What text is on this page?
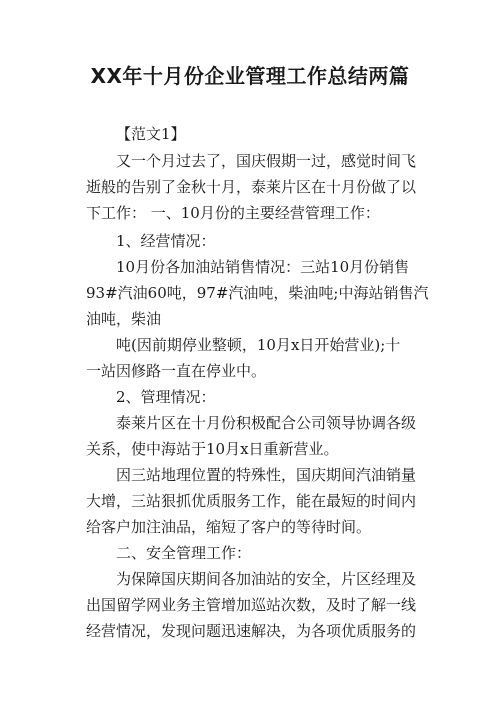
XX年十月份企业管理工作总结两篇
【范文1】
又一个月过去了，国庆假期一过，感觉时间飞
逝般的告别了金秋十月，泰莱片区在十月份做了以
下工作： 一、10月份的主要经营管理工作：
1、经营情况：
10月份各加油站销售情况：三站10月份销售
93#汽油60吨，97#汽油吨，柴油吨;中海站销售汽
油吨，柴油
吨(因前期停业整顿，10月x日开始营业);十
一站因修路一直在停业中。
2、管理情况：
泰莱片区在十月份积极配合公司领导协调各级
关系，使中海站于10月x日重新营业。
因三站地理位置的特殊性，国庆期间汽油销量
大增，三站狠抓优质服务工作，能在最短的时间内
给客户加注油品，缩短了客户的等待时间。
二、安全管理工作：
为保障国庆期间各加油站的安全，片区经理及
出国留学网业务主管增加巡站次数，及时了解一线
经营情况，发现问题迅速解决，为各项优质服务的
